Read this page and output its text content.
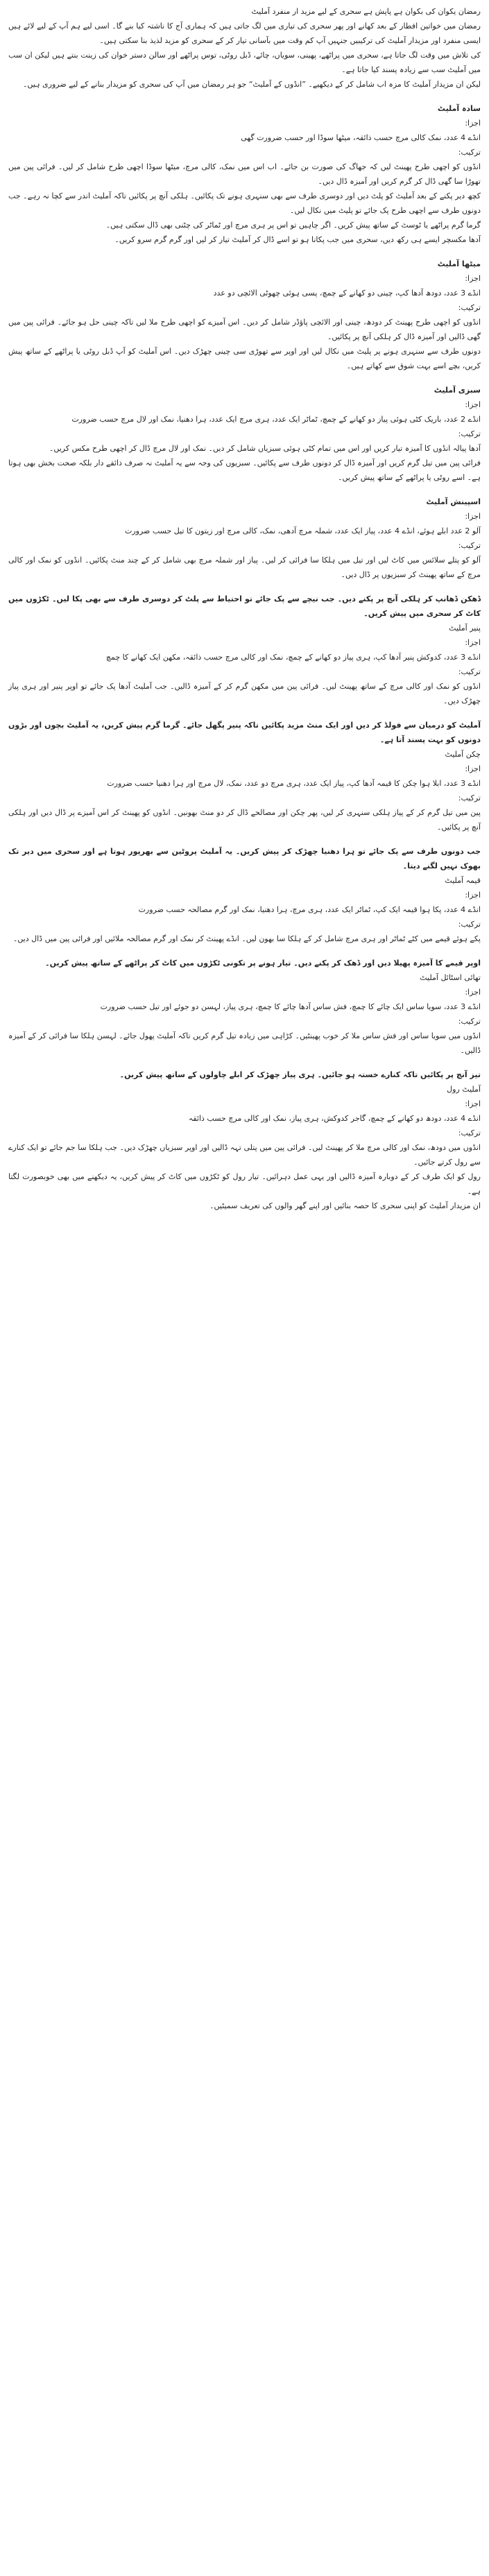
رمضان یکوان کی بکوان ہے پاپش ہے سحری کے لیے مزید ار منفرد آملیٹ

رمضان میں خواتین افطار کے بعد کھانے اور پھر سحری کی تیاری میں لگ جاتی ہیں کہ ہماری آج کا ناشتہ کیا بنے گا۔ اسی لیے ہم آپ کے لیے لائے ہیں ایسی منفرد اور مزیدار آملیٹ کی ترکیبیں جنہیں آپ کم وقت میں بآسانی تیار کر کے سحری کو مزید لذیذ بنا سکتی ہیں۔

کی تلاش میں وقت لگ جاتا ہے، سحری میں پراٹھے، پھینی، سویاں، چائے، ڈبل روٹی، توس پراٹھے اور سالن دستر خوان کی زینت بنتے ہیں لیکن ان سب میں آملیٹ سب سے زیادہ پسند کیا جاتا ہے۔

لیکن ان مزیدار آملیٹ کا مزہ اب شامل کر کے دیکھیے۔ ”انڈوں کے آملیٹ“ جو ہر رمضان میں آپ کی سحری کو مزیدار بنانے کے لیے ضروری ہیں۔

سادہ آملیٹ

اجزا:

انڈے 4 عدد، نمک کالی مرچ حسب ذائقہ، میٹھا سوڈا اور حسب ضرورت گھی

ترکیب:

انڈوں کو اچھی طرح پھینٹ لیں کہ جھاگ کی صورت بن جائے۔ اب اس میں نمک، کالی مرچ، میٹھا سوڈا اچھی طرح شامل کر لیں۔ فرائی پین میں تھوڑا سا گھی ڈال کر گرم کریں اور آمیزہ ڈال دیں۔

کچھ دیر پکنے کے بعد آملیٹ کو پلٹ دیں اور دوسری طرف سے بھی سنہری ہونے تک پکائیں۔ ہلکی آنچ پر پکائیں تاکہ آملیٹ اندر سے کچا نہ رہے۔ جب دونوں طرف سے اچھی طرح پک جائے تو پلیٹ میں نکال لیں۔

گرما گرم پراٹھے یا ٹوسٹ کے ساتھ پیش کریں۔ اگر چاہیں تو اس پر ہری مرچ اور ٹماٹر کی چٹنی بھی ڈال سکتی ہیں۔

آدھا مکسچر ایسے ہی رکھ دیں، سحری میں جب پکانا ہو تو اسے ڈال کر آملیٹ تیار کر لیں اور گرم گرم سرو کریں۔

میٹھا آملیٹ

اجزا:

انڈے 3 عدد، دودھ آدھا کپ، چینی دو کھانے کے چمچ، پسی ہوئی چھوٹی الائچی دو عدد

ترکیب:

انڈوں کو اچھی طرح پھینٹ کر دودھ، چینی اور الائچی پاؤڈر شامل کر دیں۔ اس آمیزے کو اچھی طرح ملا لیں تاکہ چینی حل ہو جائے۔ فرائی پین میں گھی ڈالیں اور آمیزہ ڈال کر ہلکی آنچ پر پکائیں۔

دونوں طرف سے سنہری ہونے پر پلیٹ میں نکال لیں اور اوپر سے تھوڑی سی چینی چھڑک دیں۔ اس آملیٹ کو آپ ڈبل روٹی یا پراٹھے کے ساتھ پیش کریں، بچے اسے بہت شوق سے کھاتے ہیں۔

سبزی آملیٹ

اجزا:

انڈے 2 عدد، باریک کٹی ہوئی پیاز دو کھانے کے چمچ، ٹماٹر ایک عدد، ہری مرچ ایک عدد، ہرا دھنیا، نمک اور لال مرچ حسب ضرورت

ترکیب:

آدھا پیالہ انڈوں کا آمیزہ تیار کریں اور اس میں تمام کٹی ہوئی سبزیاں شامل کر دیں۔ نمک اور لال مرچ ڈال کر اچھی طرح مکس کریں۔

فرائی پین میں تیل گرم کریں اور آمیزہ ڈال کر دونوں طرف سے پکائیں۔ سبزیوں کی وجہ سے یہ آملیٹ نہ صرف ذائقے دار بلکہ صحت بخش بھی ہوتا ہے۔ اسے روٹی یا پراٹھے کے ساتھ پیش کریں۔

اسپینش آملیٹ

اجزا:

آلو 2 عدد ابلے ہوئے، انڈے 4 عدد، پیاز ایک عدد، شملہ مرچ آدھی، نمک، کالی مرچ اور زیتون کا تیل حسب ضرورت

ترکیب:

آلو کو پتلے سلائس میں کاٹ لیں اور تیل میں ہلکا سا فرائی کر لیں۔ پیاز اور شملہ مرچ بھی شامل کر کے چند منٹ پکائیں۔ انڈوں کو نمک اور کالی مرچ کے ساتھ پھینٹ کر سبزیوں پر ڈال دیں۔

ڈھکن ڈھانپ کر ہلکی آنچ پر پکنے دیں۔ جب نیچے سے پک جائے تو احتیاط سے پلٹ کر دوسری طرف سے بھی پکا لیں۔ ٹکڑوں میں کاٹ کر سحری میں پیش کریں۔

پنیر آملیٹ

اجزا:

انڈے 3 عدد، کدوکش پنیر آدھا کپ، ہری پیاز دو کھانے کے چمچ، نمک اور کالی مرچ حسب ذائقہ، مکھن ایک کھانے کا چمچ

ترکیب:

انڈوں کو نمک اور کالی مرچ کے ساتھ پھینٹ لیں۔ فرائی پین میں مکھن گرم کر کے آمیزہ ڈالیں۔ جب آملیٹ آدھا پک جائے تو اوپر پنیر اور ہری پیاز چھڑک دیں۔

آملیٹ کو درمیان سے فولڈ کر دیں اور ایک منٹ مزید پکائیں تاکہ پنیر پگھل جائے۔ گرما گرم پیش کریں، یہ آملیٹ بچوں اور بڑوں دونوں کو بہت پسند آتا ہے۔

چکن آملیٹ

اجزا:

انڈے 3 عدد، ابلا ہوا چکن کا قیمہ آدھا کپ، پیاز ایک عدد، ہری مرچ دو عدد، نمک، لال مرچ اور ہرا دھنیا حسب ضرورت

ترکیب:

پین میں تیل گرم کر کے پیاز ہلکی سنہری کر لیں، پھر چکن اور مصالحے ڈال کر دو منٹ بھونیں۔ انڈوں کو پھینٹ کر اس آمیزے پر ڈال دیں اور ہلکی آنچ پر پکائیں۔

جب دونوں طرف سے پک جائے تو ہرا دھنیا چھڑک کر پیش کریں۔ یہ آملیٹ پروٹین سے بھرپور ہوتا ہے اور سحری میں دیر تک بھوک نہیں لگنے دیتا۔

قیمہ آملیٹ

اجزا:

انڈے 4 عدد، پکا ہوا قیمہ ایک کپ، ٹماٹر ایک عدد، ہری مرچ، ہرا دھنیا، نمک اور گرم مصالحہ حسب ضرورت

ترکیب:

پکے ہوئے قیمے میں کٹے ٹماٹر اور ہری مرچ شامل کر کے ہلکا سا بھون لیں۔ انڈے پھینٹ کر نمک اور گرم مصالحہ ملائیں اور فرائی پین میں ڈال دیں۔

اوپر قیمے کا آمیزہ پھیلا دیں اور ڈھک کر پکنے دیں۔ تیار ہونے پر تکونی ٹکڑوں میں کاٹ کر پراٹھے کے ساتھ پیش کریں۔

تھائی اسٹائل آملیٹ

اجزا:

انڈے 3 عدد، سویا ساس ایک چائے کا چمچ، فش ساس آدھا چائے کا چمچ، ہری پیاز، لہسن دو جوئے اور تیل حسب ضرورت

ترکیب:

انڈوں میں سویا ساس اور فش ساس ملا کر خوب پھینٹیں۔ کڑاہی میں زیادہ تیل گرم کریں تاکہ آملیٹ پھول جائے۔ لہسن ہلکا سا فرائی کر کے آمیزہ ڈالیں۔

تیز آنچ پر پکائیں تاکہ کنارے خستہ ہو جائیں۔ ہری پیاز چھڑک کر ابلے چاولوں کے ساتھ پیش کریں۔

آملیٹ رول

اجزا:

انڈے 4 عدد، دودھ دو کھانے کے چمچ، گاجر کدوکش، ہری پیاز، نمک اور کالی مرچ حسب ذائقہ

ترکیب:

انڈوں میں دودھ، نمک اور کالی مرچ ملا کر پھینٹ لیں۔ فرائی پین میں پتلی تہہ ڈالیں اور اوپر سبزیاں چھڑک دیں۔ جب ہلکا سا جم جائے تو ایک کنارے سے رول کرتے جائیں۔

رول کو ایک طرف کر کے دوبارہ آمیزہ ڈالیں اور یہی عمل دہرائیں۔ تیار رول کو ٹکڑوں میں کاٹ کر پیش کریں، یہ دیکھنے میں بھی خوبصورت لگتا ہے۔

ان مزیدار آملیٹ کو اپنی سحری کا حصہ بنائیں اور اپنے گھر والوں کی تعریف سمیٹیں۔
